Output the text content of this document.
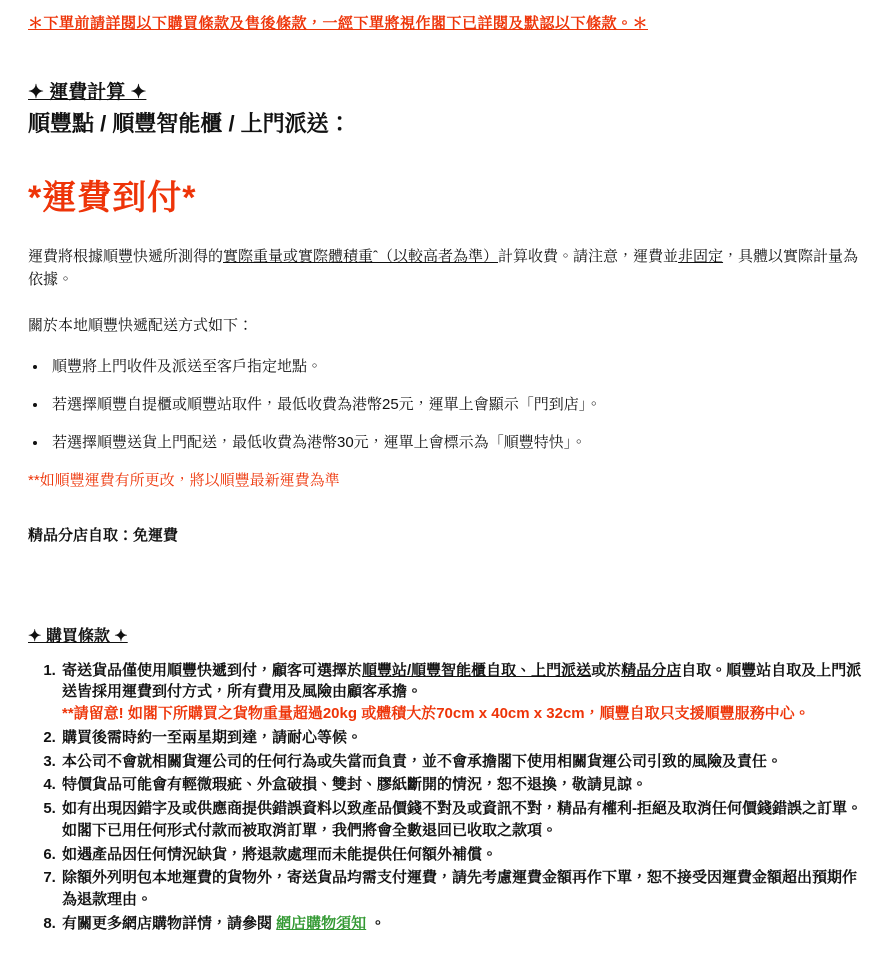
＊下單前請詳閱以下購買條款及售後條款，一經下單將視作閣下已詳閱及默認以下條款。＊
✦ 運費計算 ✦
順豐點 / 順豐智能櫃 / 上門派送：
*運費到付*

運費將根據順豐快遞所測得的實際重量或實際體積重ˆ（以較高者為準）計算收費。請注意，運費並非固定，具體以實際計量為依據。

關於本地順豐快遞配送方式如下：

• 順豐將上門收件及派送至客戶指定地點。
• 若選擇順豐自提櫃或順豐站取件，最低收費為港幣25元，運單上會顯示「門到店」。
• 若選擇順豐送貨上門配送，最低收費為港幣30元，運單上會標示為「順豐特快」。

**如順豐運費有所更改，將以順豐最新運費為準

精品分店自取：免運費

✦ 購買條款 ✦
1. 寄送貨品僅使用順豐快遞到付，顧客可選擇於順豐站/順豐智能櫃自取、上門派送或於精品分店自取。順豐站自取及上門派送皆採用運費到付方式，所有費用及風險由顧客承擔。
**請留意! 如閣下所購買之貨物重量超過20kg 或體積大於70cm x 40cm x 32cm，順豐自取只支援順豐服務中心。
2. 購買後需時約一至兩星期到達，請耐心等候。
3. 本公司不會就相關貨運公司的任何行為或失當而負責，並不會承擔閣下使用相關貨運公司引致的風險及責任。
4. 特價貨品可能會有輕微瑕疵、外盒破損、雙封、膠紙斷開的情況，恕不退換，敬請見諒。
5. 如有出現因錯字及或供應商提供錯誤資料以致產品價錢不對及或資訊不對，精品有權利-拒絕及取消任何價錢錯誤之訂單。如閣下已用任何形式付款而被取消訂單，我們將會全數退回已收取之款項。
6. 如遇產品因任何情況缺貨，將退款處理而未能提供任何額外補償。
7. 除額外列明包本地運費的貨物外，寄送貨品均需支付運費，請先考慮運費金額再作下單，恕不接受因運費金額超出預期作為退款理由。
8. 有關更多網店購物詳情，請參閱 網店購物須知 。
